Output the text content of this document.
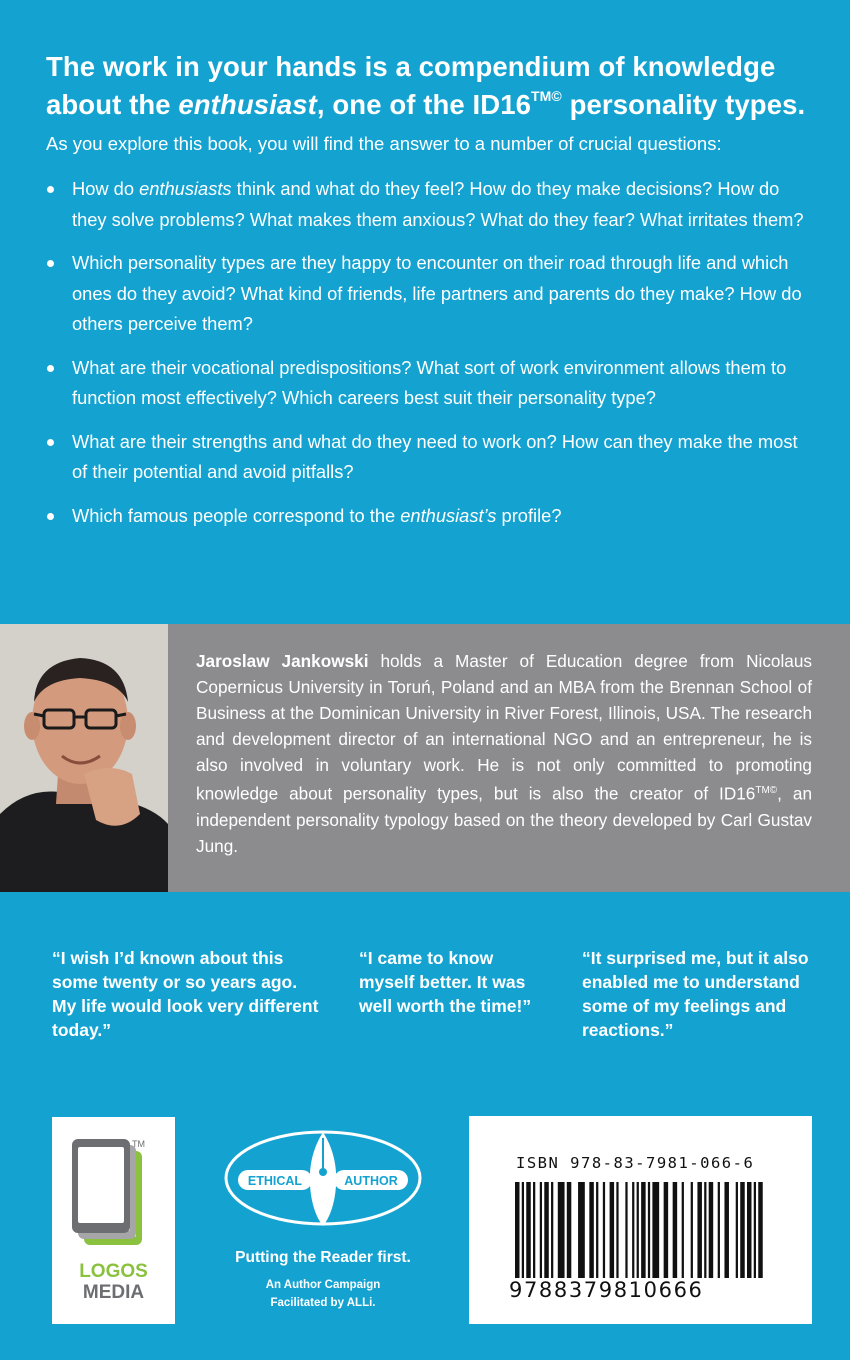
The work in your hands is a compendium of knowledge about the enthusiast, one of the $ID16^{TM©}$ personality types.
As you explore this book, you will find the answer to a number of crucial questions:
How do enthusiasts think and what do they feel? How do they make decisions? How do they solve problems? What makes them anxious? What do they fear? What irritates them?
Which personality types are they happy to encounter on their road through life and which ones do they avoid? What kind of friends, life partners and parents do they make? How do others perceive them?
What are their vocational predispositions? What sort of work environment allows them to function most effectively? Which careers best suit their personality type?
What are their strengths and what do they need to work on? How can they make the most of their potential and avoid pitfalls?
Which famous people correspond to the enthusiast’s profile?
Jaroslaw Jankowski holds a Master of Education degree from Nicolaus Copernicus University in Toruń, Poland and an MBA from the Brennan School of Business at the Dominican University in River Forest, Illinois, USA. The research and development director of an international NGO and an entrepreneur, he is also involved in voluntary work. He is not only committed to promoting knowledge about personality types, but is also the creator of $ID16^{TM©}$, an independent personality typology based on the theory developed by Carl Gustav Jung.
“I wish I’d known about this some twenty or so years ago. My life would look very different today.”
“I came to know myself better. It was well worth the time!”
“It surprised me, but it also enabled me to understand some of my feelings and reactions.”
TM
LOGOS
MEDIA
ETHICAL	AUTHOR
Putting the Reader first.
An Author Campaign
Facilitated by ALLi.
ISBN 978-83-7981-066-6
9788379810666
